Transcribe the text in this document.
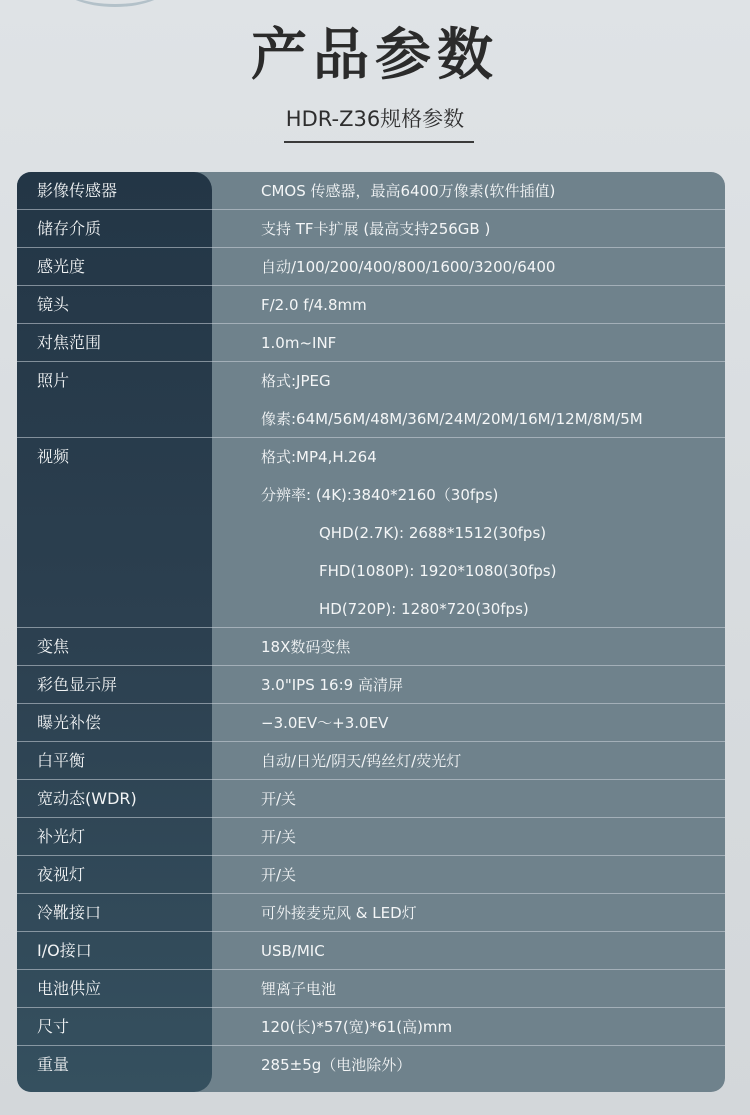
产品参数
HDR-Z36规格参数
影像传感器	CMOS 传感器，最高6400万像素(软件插值)
储存介质	支持 TF卡扩展 (最高支持256GB )
感光度	自动/100/200/400/800/1600/3200/6400
镜头	F/2.0 f/4.8mm
对焦范围	1.0m~INF
照片	格式:JPEG
像素:64M/56M/48M/36M/24M/20M/16M/12M/8M/5M
视频	格式:MP4,H.264
分辨率: (4K):3840*2160（30fps)
QHD(2.7K): 2688*1512(30fps)
FHD(1080P): 1920*1080(30fps)
HD(720P): 1280*720(30fps)
变焦	18X数码变焦
彩色显示屏	3.0"IPS 16:9 高清屏
曝光补偿	−3.0EV～+3.0EV
白平衡	自动/日光/阴天/钨丝灯/荧光灯
宽动态(WDR)	开/关
补光灯	开/关
夜视灯	开/关
冷靴接口	可外接麦克风 & LED灯
I/O接口	USB/MIC
电池供应	锂离子电池
尺寸	120(长)*57(宽)*61(高)mm
重量	285±5g（电池除外）
